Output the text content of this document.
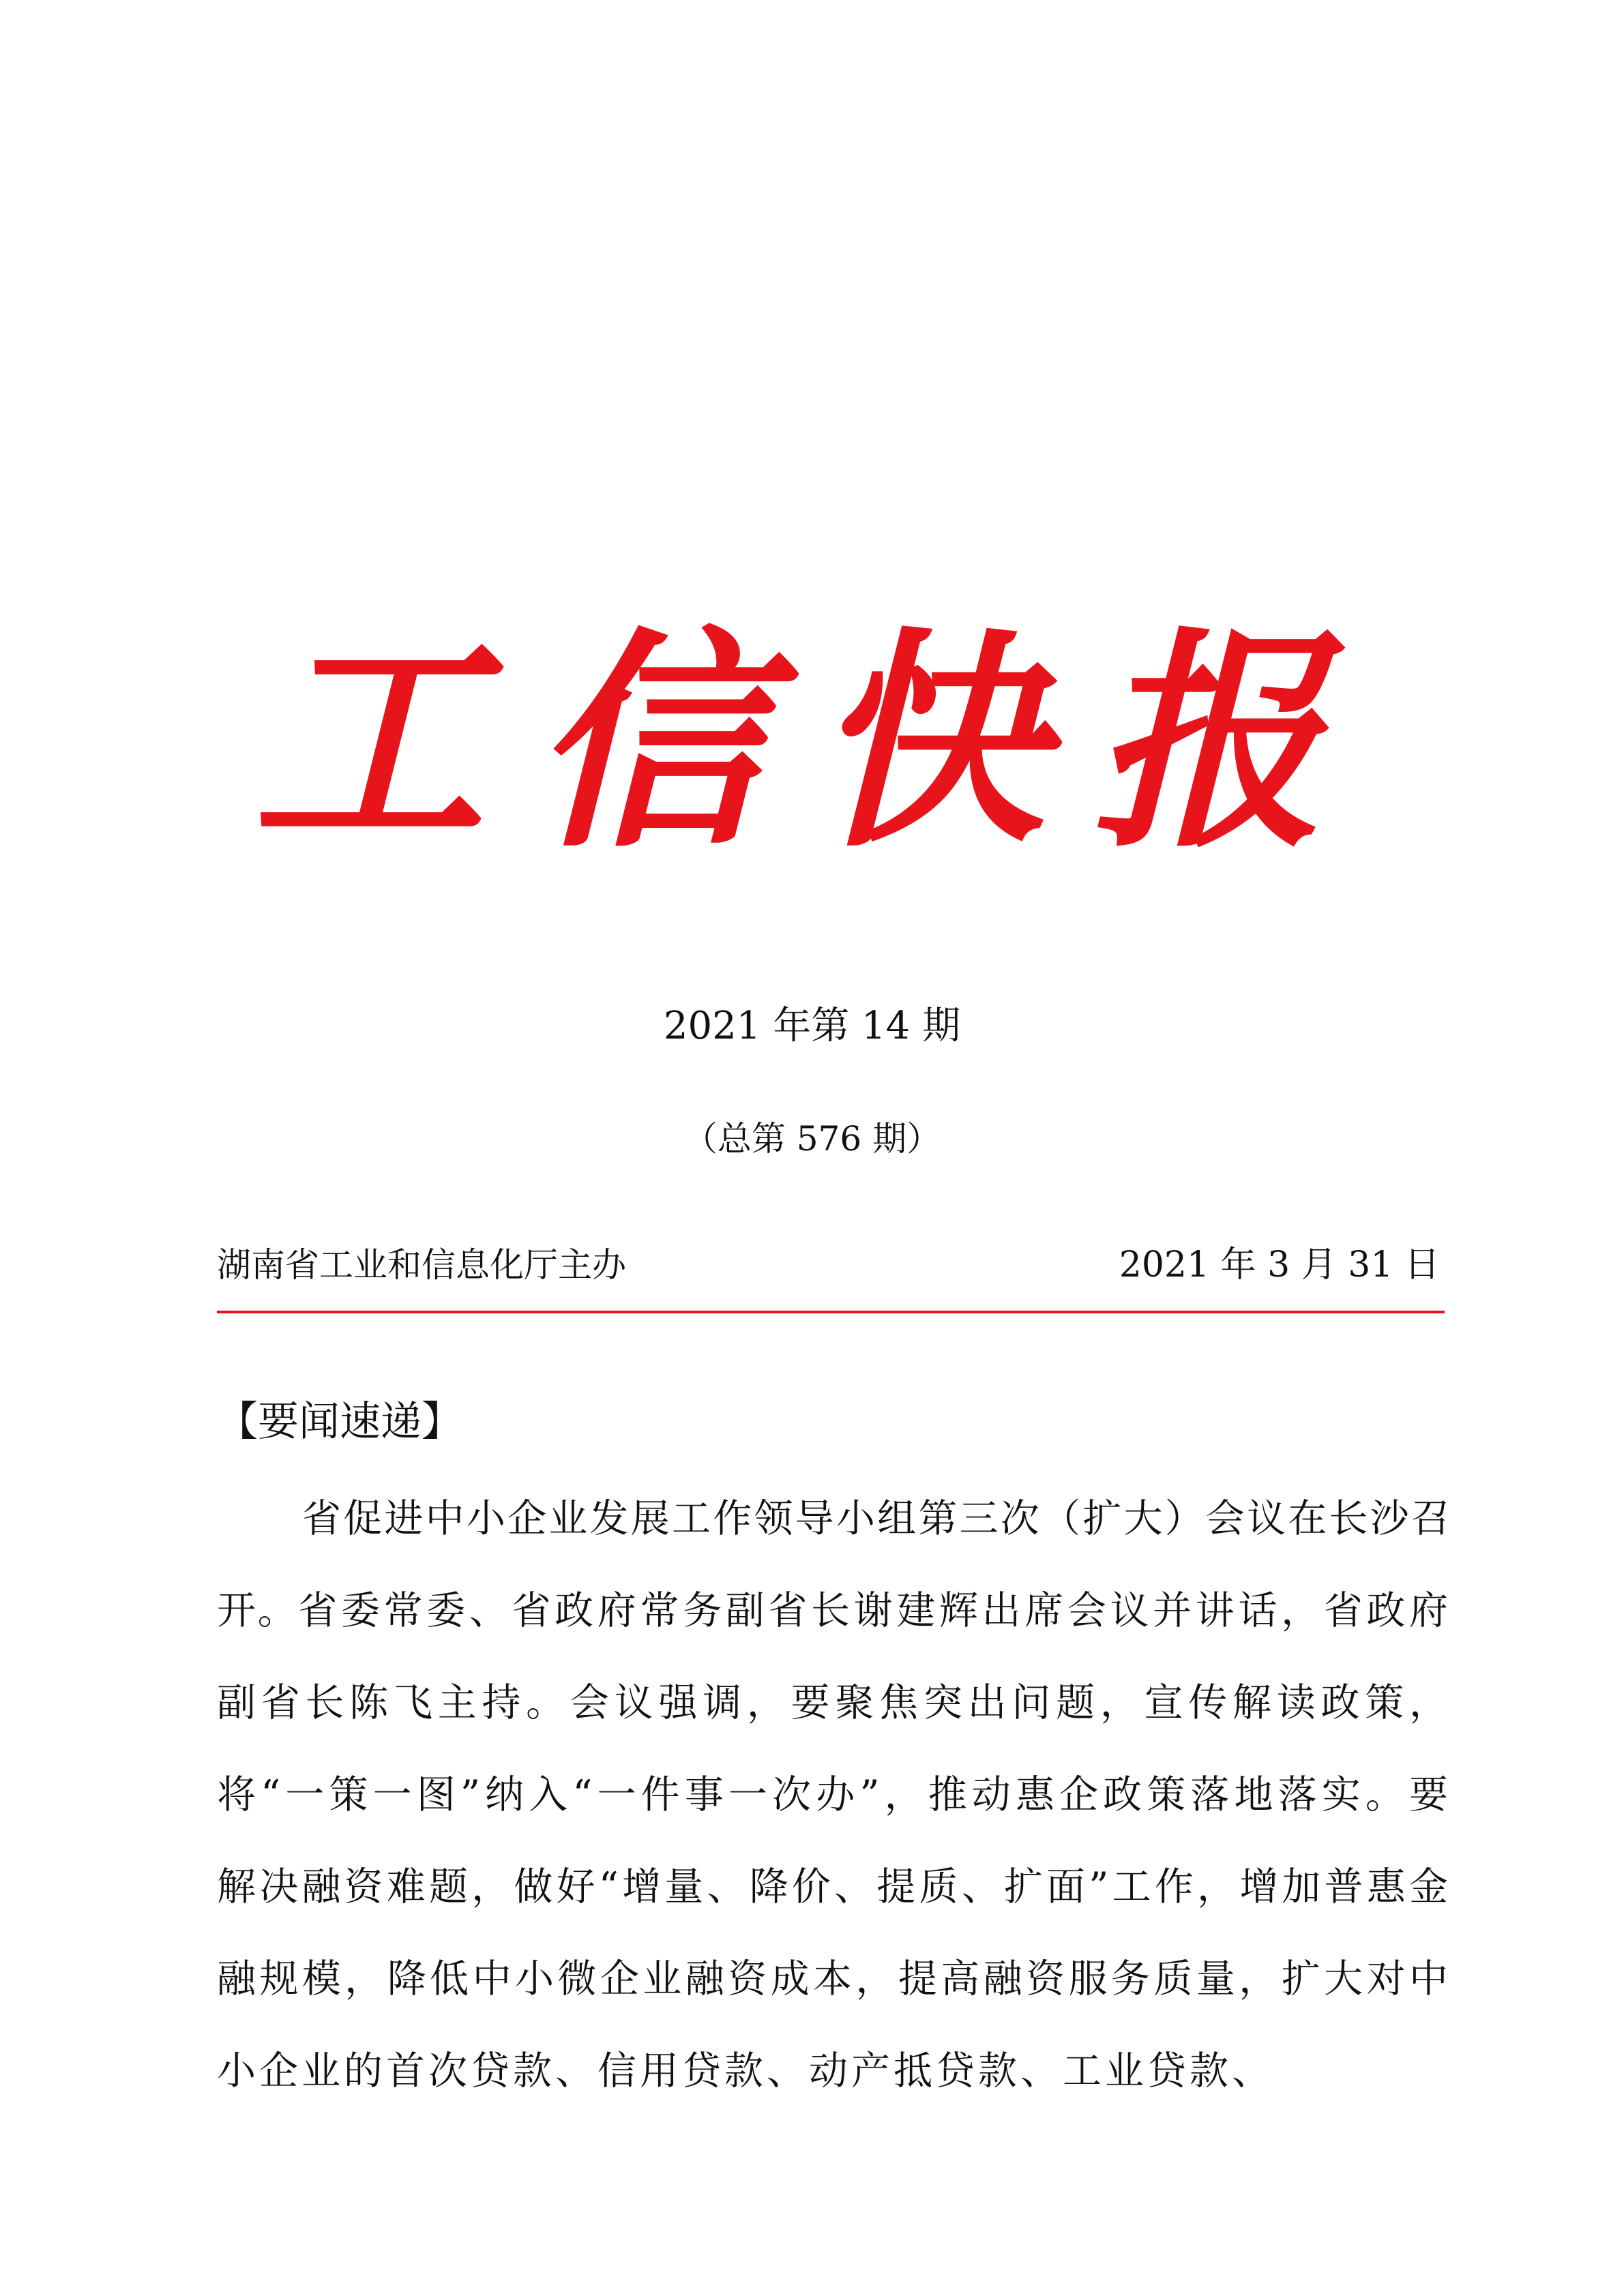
工信快报
2021 年第 14 期
（总第 576 期）
湖南省工业和信息化厅主办	2021 年 3 月 31 日
【要闻速递】
省促进中小企业发展工作领导小组第三次（扩大）会议在长沙召开。省委常委、省政府常务副省长谢建辉出席会议并讲话，省政府副省长陈飞主持。会议强调，要聚焦突出问题，宣传解读政策，将“一策一图”纳入“一件事一次办”，推动惠企政策落地落实。要解决融资难题，做好“增量、降价、提质、扩面”工作，增加普惠金融规模，降低中小微企业融资成本，提高融资服务质量，扩大对中小企业的首次贷款、信用贷款、动产抵贷款、工业贷款、
